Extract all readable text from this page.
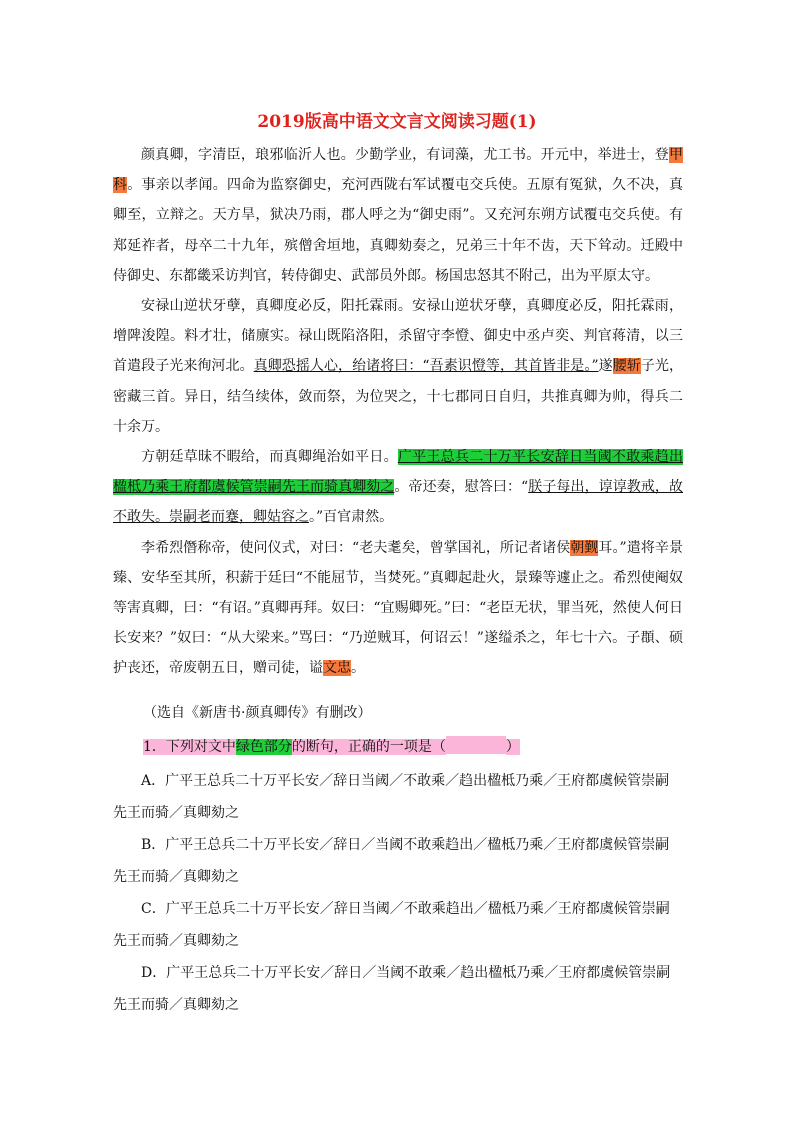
2019版高中语文文言文阅读习题(1)

颜真卿，字清臣，琅邪临沂人也。少勤学业，有词藻，尤工书。开元中，举进士，登甲科。事亲以孝闻。四命为监察御史，充河西陇右军试覆屯交兵使。五原有冤狱，久不决，真卿至，立辩之。天方旱，狱决乃雨，郡人呼之为“御史雨”。又充河东朔方试覆屯交兵使。有郑延祚者，母卒二十九年，殡僧舍垣地，真卿劾奏之，兄弟三十年不齿，天下耸动。迁殿中侍御史、东都畿采访判官，转侍御史、武部员外郎。杨国忠怒其不附己，出为平原太守。

安禄山逆状牙孽，真卿度必反，阳托霖雨。安禄山逆状牙孽，真卿度必反，阳托霖雨，增陴浚隍。料才壮，储廪实。禄山既陷洛阳，杀留守李憕、御史中丞卢奕、判官蒋清，以三首遣段子光来徇河北。真卿恐摇人心，绐诸将曰：“吾素识憕等，其首皆非是。”遂腰斩子光，密藏三首。异日，结刍续体，敛而祭，为位哭之，十七郡同日自归，共推真卿为帅，得兵二十余万。

方朝廷草昧不暇给，而真卿绳治如平日。广平王总兵二十万平长安辞日当阈不敢乘趋出楹柢乃乘王府都虞候管崇嗣先王而骑真卿劾之。帝还奏，慰答曰：“朕子每出，谆谆教戒，故不敢失。崇嗣老而蹇，卿姑容之。”百官肃然。

李希烈僭称帝，使问仪式，对曰：“老夫耄矣，曾掌国礼，所记者诸侯朝觐耳。”遣将辛景臻、安华至其所，积薪于廷曰“不能屈节，当焚死。”真卿起赴火，景臻等遽止之。希烈使阉奴等害真卿，曰：“有诏。”真卿再拜。奴曰：“宜赐卿死。”曰：“老臣无状，罪当死，然使人何日长安来？”奴曰：“从大梁来。”骂曰：“乃逆贼耳，何诏云！”遂缢杀之，年七十六。子頵、硕护丧还，帝废朝五日，赠司徒，谥文忠。

（选自《新唐书·颜真卿传》有删改）
1．下列对文中绿色部分的断句，正确的一项是（	）

A．广平王总兵二十万平长安／辞日当阈／不敢乘／趋出楹柢乃乘／王府都虞候管崇嗣先王而骑／真卿劾之

B．广平王总兵二十万平长安／辞日／当阈不敢乘趋出／楹柢乃乘／王府都虞候管崇嗣先王而骑／真卿劾之

C．广平王总兵二十万平长安／辞日当阈／不敢乘趋出／楹柢乃乘／王府都虞候管崇嗣先王而骑／真卿劾之

D．广平王总兵二十万平长安／辞日／当阈不敢乘／趋出楹柢乃乘／王府都虞候管崇嗣先王而骑／真卿劾之
